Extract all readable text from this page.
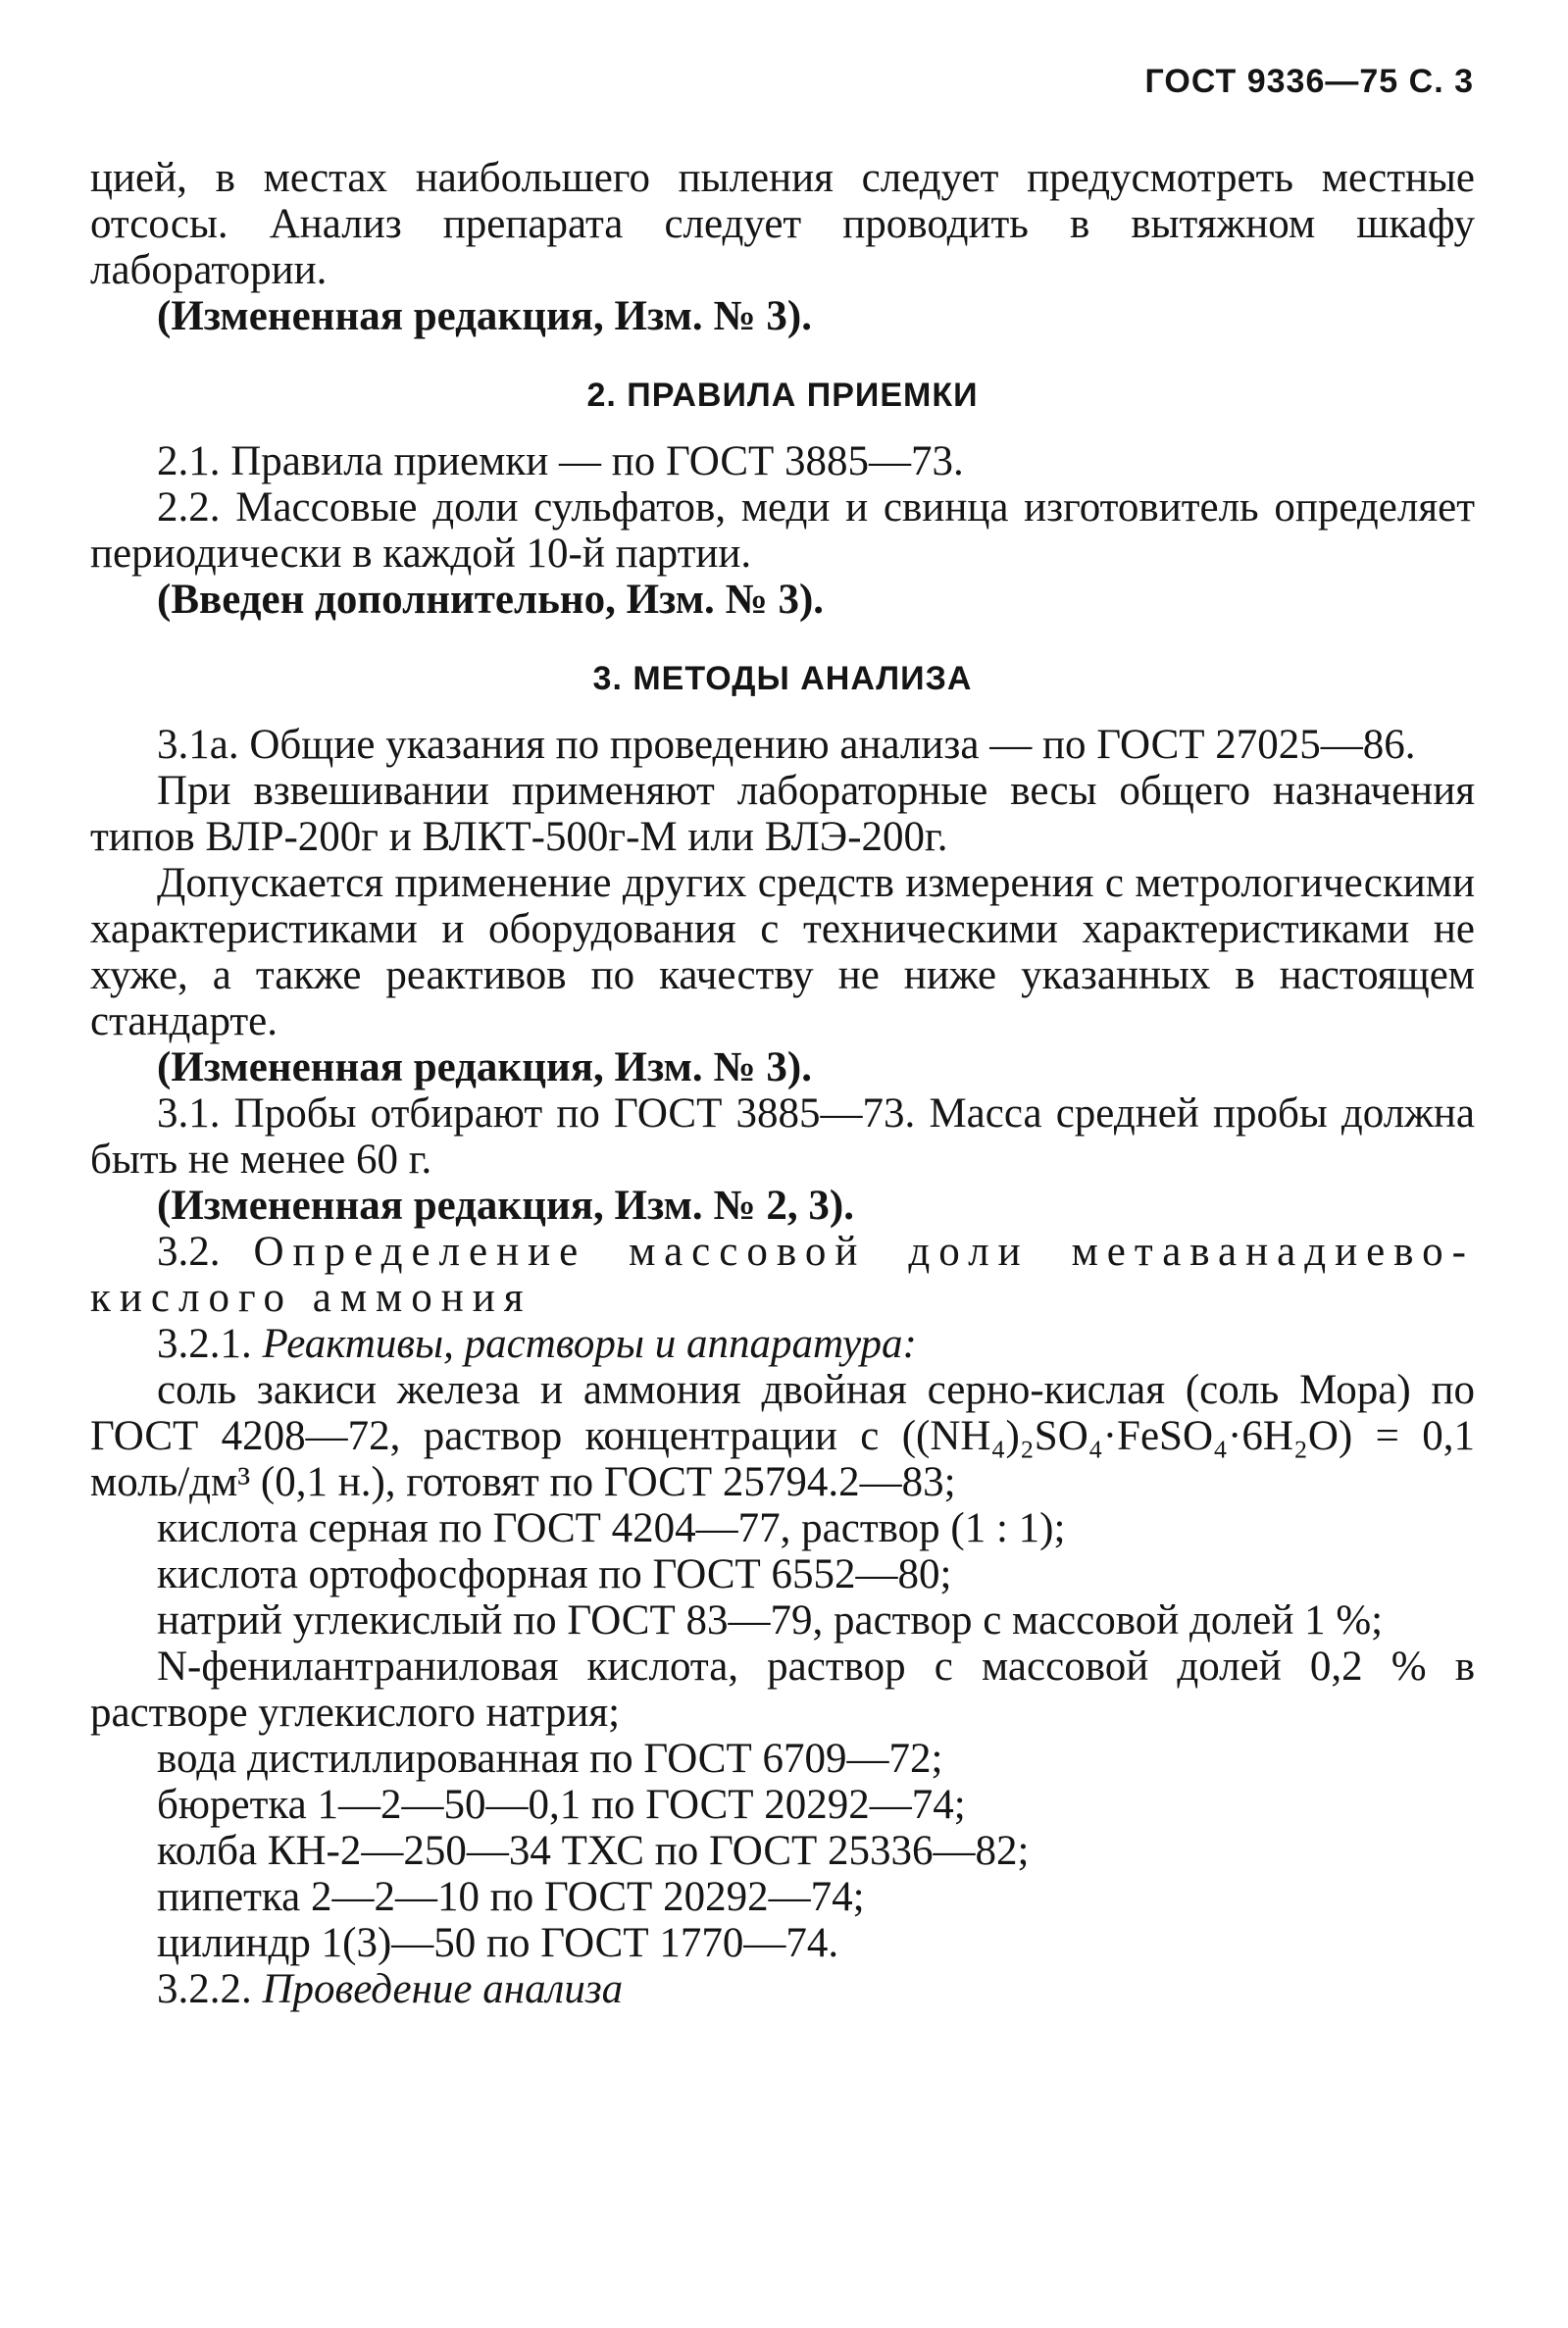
ГОСТ 9336—75 С. 3

цией, в местах наибольшего пыления следует предусмотреть местные отсосы. Анализ препарата следует проводить в вытяжном шкафу лаборатории.

(Измененная редакция, Изм. № 3).

2. ПРАВИЛА ПРИЕМКИ

2.1. Правила приемки — по ГОСТ 3885—73.

2.2. Массовые доли сульфатов, меди и свинца изготовитель определяет периодически в каждой 10-й партии.

(Введен дополнительно, Изм. № 3).

3. МЕТОДЫ АНАЛИЗА

3.1а. Общие указания по проведению анализа — по ГОСТ 27025—86.

При взвешивании применяют лабораторные весы общего назначения типов ВЛР-200г и ВЛКТ-500г-М или ВЛЭ-200г.

Допускается применение других средств измерения с метрологическими характеристиками и оборудования с техническими характеристиками не хуже, а также реактивов по качеству не ниже указанных в настоящем стандарте.

(Измененная редакция, Изм. № 3).

3.1. Пробы отбирают по ГОСТ 3885—73. Масса средней пробы должна быть не менее 60 г.

(Измененная редакция, Изм. № 2, 3).

3.2. Определение массовой доли метаванадиево-кислого аммония

3.2.1. Реактивы, растворы и аппаратура:

соль закиси железа и аммония двойная серно-кислая (соль Мора) по ГОСТ 4208—72, раствор концентрации с ((NH₄)₂SO₄·FeSO₄·6H₂O) = 0,1 моль/дм³ (0,1 н.), готовят по ГОСТ 25794.2—83;

кислота серная по ГОСТ 4204—77, раствор (1 : 1);

кислота ортофосфорная по ГОСТ 6552—80;

натрий углекислый по ГОСТ 83—79, раствор с массовой долей 1 %;

N-фенилантраниловая кислота, раствор с массовой долей 0,2 % в растворе углекислого натрия;

вода дистиллированная по ГОСТ 6709—72;

бюретка 1—2—50—0,1 по ГОСТ 20292—74;

колба КН-2—250—34 ТХС по ГОСТ 25336—82;

пипетка 2—2—10 по ГОСТ 20292—74;

цилиндр 1(3)—50 по ГОСТ 1770—74.

3.2.2. Проведение анализа
